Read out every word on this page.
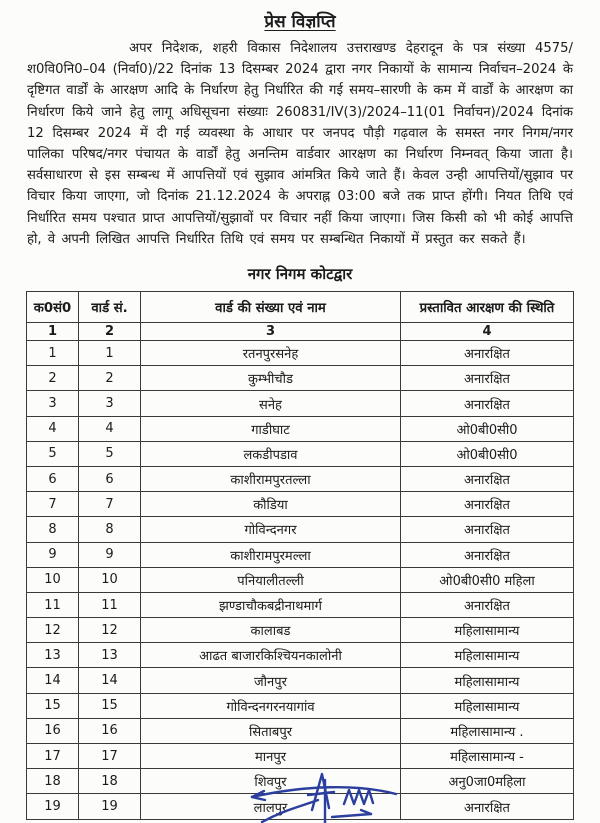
प्रेस विज्ञप्ति

अपर निदेशक, शहरी विकास निदेशालय उत्तराखण्ड देहरादून के पत्र संख्या 4575/ श0वि0नि0–04 (निर्वा0)/22 दिनांक 13 दिसम्बर 2024 द्वारा नगर निकायों के सामान्य निर्वाचन–2024 के दृष्टिगत वार्डों के आरक्षण आदि के निर्धारण हेतु निर्धारित की गई समय–सारणी के कम में वार्डों के आरक्षण का निर्धारण किये जाने हेतु लागू अधिसूचना संख्याः 260831/IV(3)/2024–11(01 निर्वाचन)/2024 दिनांक 12 दिसम्बर 2024 में दी गई व्यवस्था के आधार पर जनपद पौड़ी गढ़वाल के समस्त नगर निगम/नगर पालिका परिषद/नगर पंचायत के वार्डों हेतु अनन्तिम वार्डवार आरक्षण का निर्धारण निम्नवत् किया जाता है। सर्वसाधारण से इस सम्बन्ध में आपत्तियों एवं सुझाव आंमत्रित किये जाते हैं। केवल उन्ही आपत्तियों/सुझाव पर विचार किया जाएगा, जो दिनांक 21.12.2024 के अपराह्न 03:00 बजे तक प्राप्त होंगी। नियत तिथि एवं निर्धारित समय पश्चात प्राप्त आपत्तियों/सुझावों पर विचार नहीं किया जाएगा। जिस किसी को भी कोई आपत्ति हो, वे अपनी लिखित आपत्ति निर्धारित तिथि एवं समय पर सम्बन्धित निकायों में प्रस्तुत कर सकते हैं।

नगर निगम कोटद्वार
क0सं0	वार्ड सं.	वार्ड की संख्या एवं नाम	प्रस्तावित आरक्षण की स्थिति
1	2	3	4
1	1	रतनपुरसनेह	अनारक्षित
2	2	कुम्भीचौड	अनारक्षित
3	3	सनेह	अनारक्षित
4	4	गाडीघाट	ओ0बी0सी0
5	5	लकडीपडाव	ओ0बी0सी0
6	6	काशीरामपुरतल्ला	अनारक्षित
7	7	कौडिया	अनारक्षित
8	8	गोविन्दनगर	अनारक्षित
9	9	काशीरामपुरमल्ला	अनारक्षित
10	10	पनियालीतल्ली	ओ0बी0सी0 महिला
11	11	झण्डाचौकबद्रीनाथमार्ग	अनारक्षित
12	12	कालाबड	महिलासामान्य
13	13	आढत बाजारकिश्चियनकालोनी	महिलासामान्य
14	14	जौनपुर	महिलासामान्य
15	15	गोविन्दनगरनयागांव	महिलासामान्य
16	16	सिताबपुर	महिलासामान्य .
17	17	मानपुर	महिलासामान्य -
18	18	शिवपुर	अनु0जा0महिला
19	19	लालपुर	अनारक्षित
